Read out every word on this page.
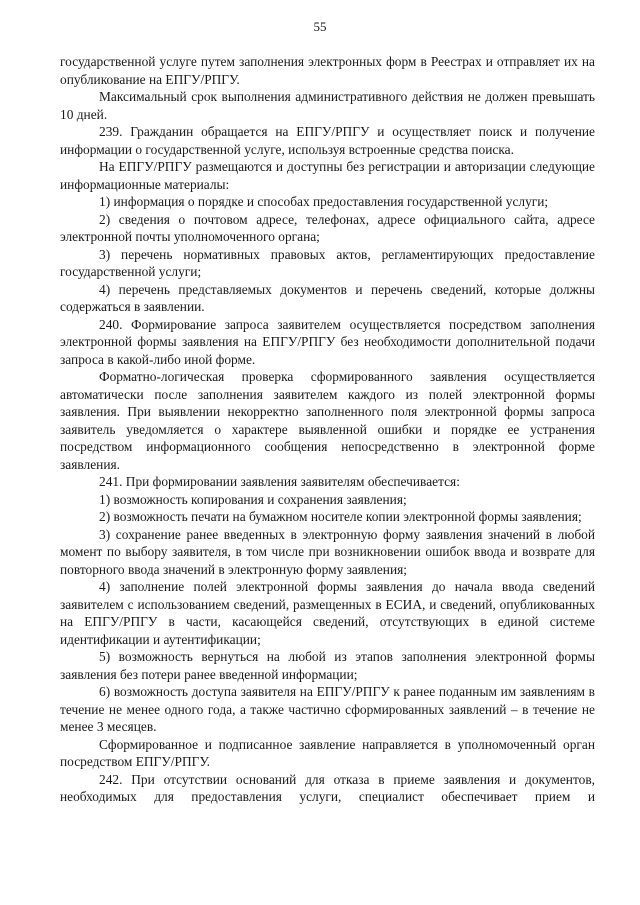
55

государственной услуге путем заполнения электронных форм в Реестрах и отправляет их на опубликование на ЕПГУ/РПГУ.

Максимальный срок выполнения административного действия не должен превышать 10 дней.

239. Гражданин обращается на ЕПГУ/РПГУ и осуществляет поиск и получение информации о государственной услуге, используя встроенные средства поиска.

На ЕПГУ/РПГУ размещаются и доступны без регистрации и авторизации следующие информационные материалы:

1) информация о порядке и способах предоставления государственной услуги;

2) сведения о почтовом адресе, телефонах, адресе официального сайта, адресе электронной почты уполномоченного органа;

3) перечень нормативных правовых актов, регламентирующих предоставление государственной услуги;

4) перечень представляемых документов и перечень сведений, которые должны содержаться в заявлении.

240. Формирование запроса заявителем осуществляется посредством заполнения электронной формы заявления на ЕПГУ/РПГУ без необходимости дополнительной подачи запроса в какой-либо иной форме.

Форматно-логическая проверка сформированного заявления осуществляется автоматически после заполнения заявителем каждого из полей электронной формы заявления. При выявлении некорректно заполненного поля электронной формы запроса заявитель уведомляется о характере выявленной ошибки и порядке ее устранения посредством информационного сообщения непосредственно в электронной форме заявления.

241. При формировании заявления заявителям обеспечивается:

1) возможность копирования и сохранения заявления;

2) возможность печати на бумажном носителе копии электронной формы заявления;

3) сохранение ранее введенных в электронную форму заявления значений в любой момент по выбору заявителя, в том числе при возникновении ошибок ввода и возврате для повторного ввода значений в электронную форму заявления;

4) заполнение полей электронной формы заявления до начала ввода сведений заявителем с использованием сведений, размещенных в ЕСИА, и сведений, опубликованных на ЕПГУ/РПГУ в части, касающейся сведений, отсутствующих в единой системе идентификации и аутентификации;

5) возможность вернуться на любой из этапов заполнения электронной формы заявления без потери ранее введенной информации;

6) возможность доступа заявителя на ЕПГУ/РПГУ к ранее поданным им заявлениям в течение не менее одного года, а также частично сформированных заявлений – в течение не менее 3 месяцев.

Сформированное и подписанное заявление направляется в уполномоченный орган посредством ЕПГУ/РПГУ.

242. При отсутствии оснований для отказа в приеме заявления и документов, необходимых для предоставления услуги, специалист обеспечивает прием и
